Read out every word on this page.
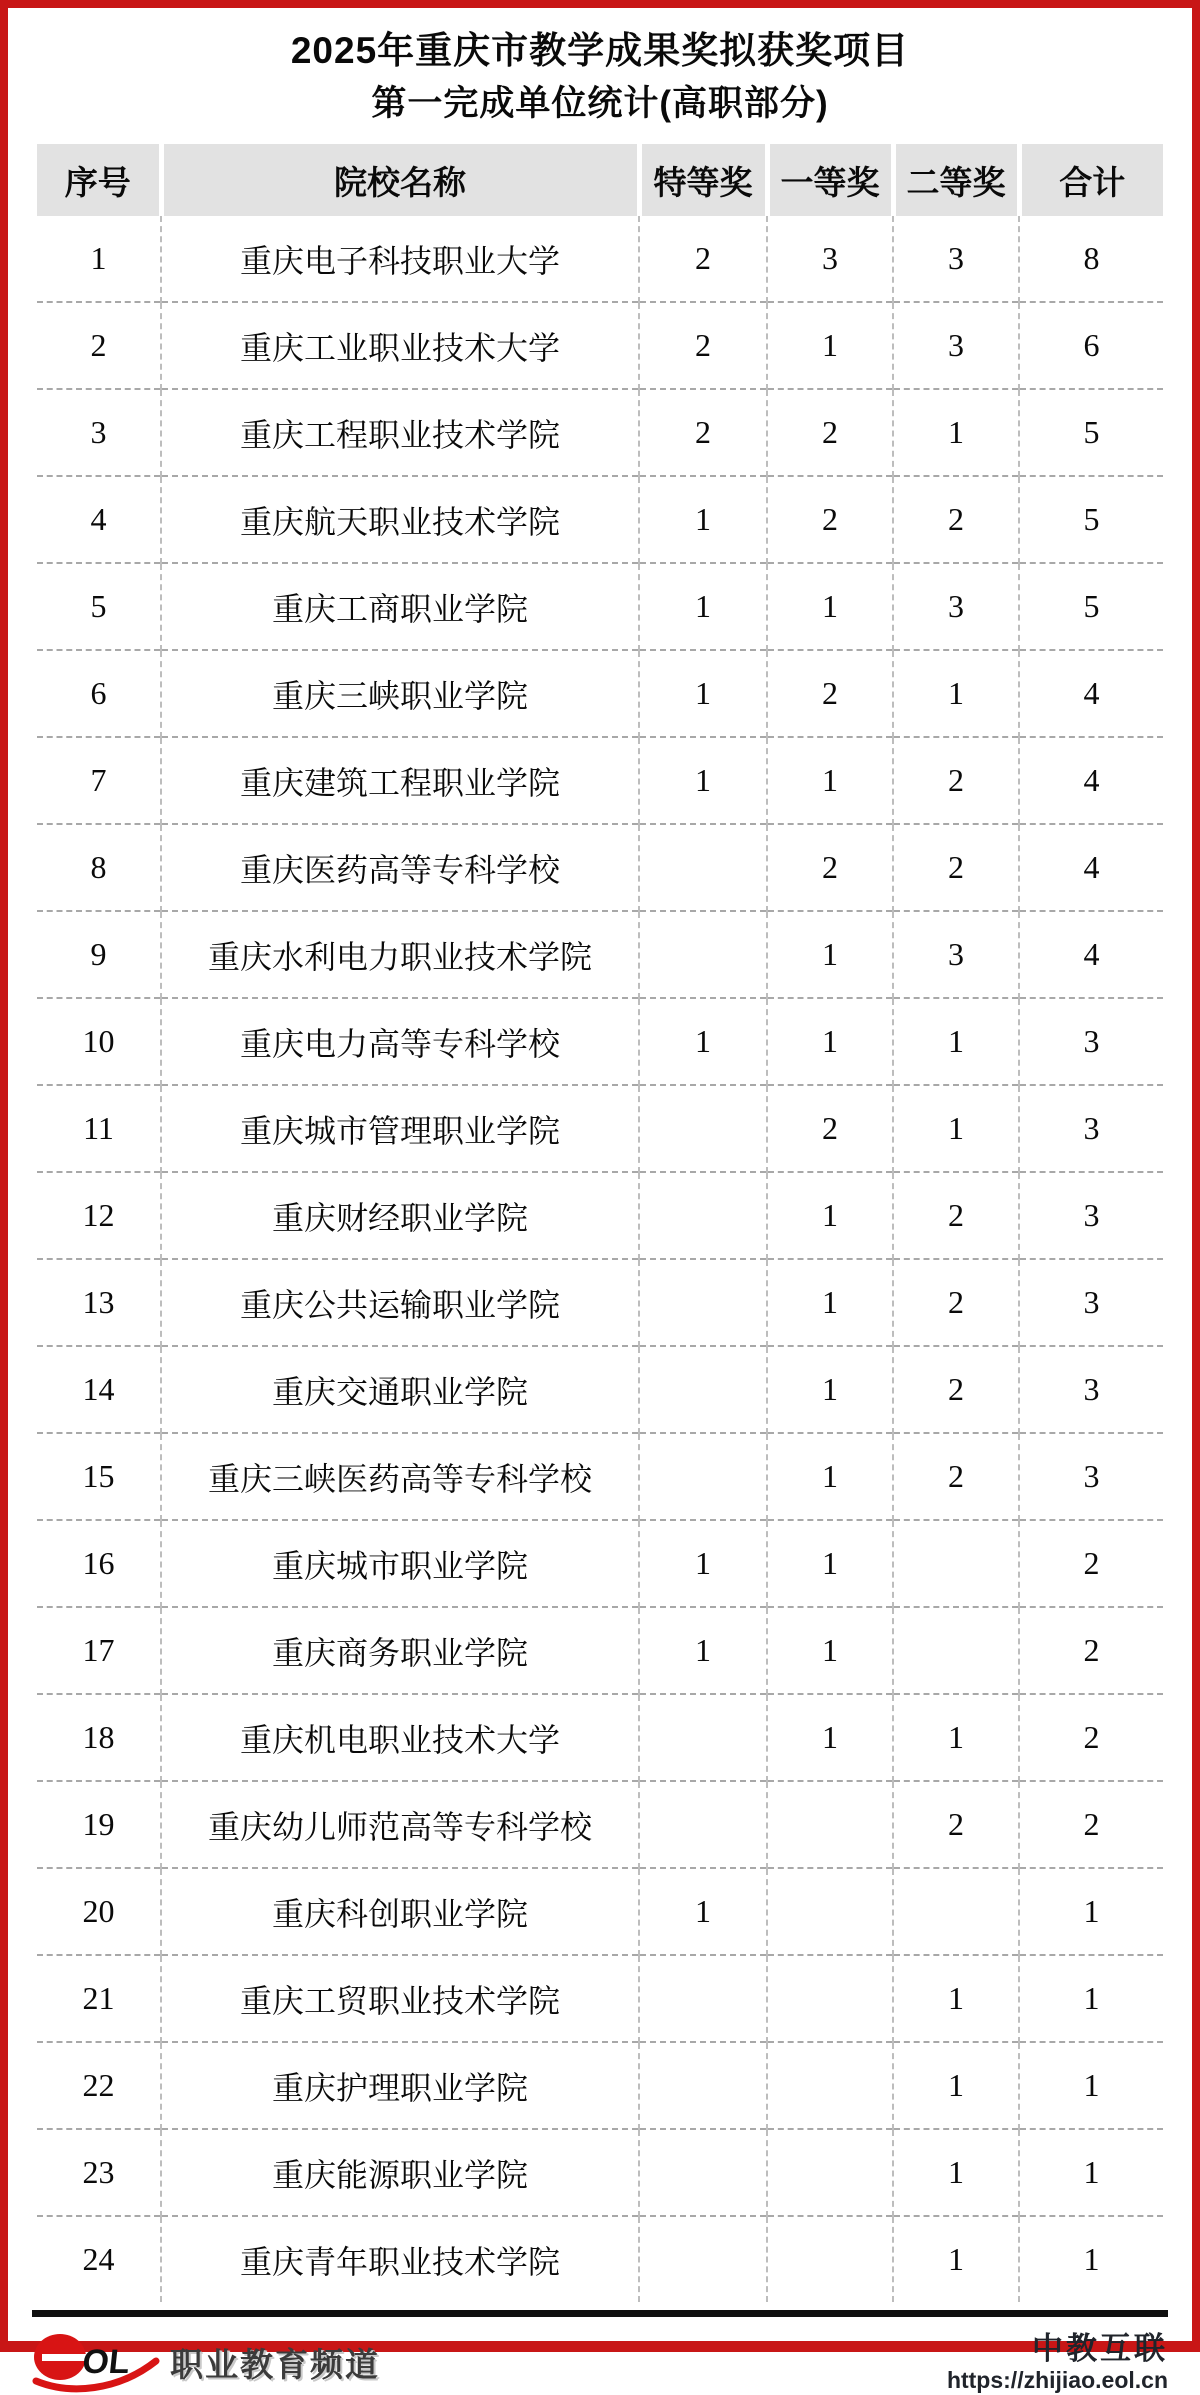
2025年重庆市教学成果奖拟获奖项目
第一完成单位统计(高职部分)
序号	院校名称	特等奖	一等奖	二等奖	合计
1	重庆电子科技职业大学	2	3	3	8
2	重庆工业职业技术大学	2	1	3	6
3	重庆工程职业技术学院	2	2	1	5
4	重庆航天职业技术学院	1	2	2	5
5	重庆工商职业学院	1	1	3	5
6	重庆三峡职业学院	1	2	1	4
7	重庆建筑工程职业学院	1	1	2	4
8	重庆医药高等专科学校		2	2	4
9	重庆水利电力职业技术学院		1	3	4
10	重庆电力高等专科学校	1	1	1	3
11	重庆城市管理职业学院		2	1	3
12	重庆财经职业学院		1	2	3
13	重庆公共运输职业学院		1	2	3
14	重庆交通职业学院		1	2	3
15	重庆三峡医药高等专科学校		1	2	3
16	重庆城市职业学院	1	1		2
17	重庆商务职业学院	1	1		2
18	重庆机电职业技术大学		1	1	2
19	重庆幼儿师范高等专科学校			2	2
20	重庆科创职业学院	1			1
21	重庆工贸职业技术学院			1	1
22	重庆护理职业学院			1	1
23	重庆能源职业学院			1	1
24	重庆青年职业技术学院			1	1
OL 职业教育频道	中教互联
https://zhijiao.eol.cn
